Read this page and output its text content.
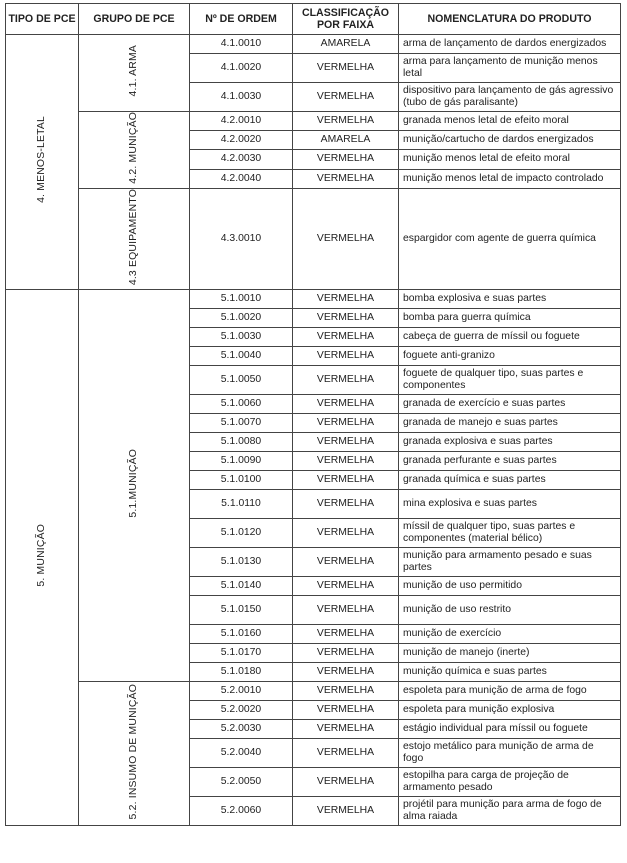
TIPO DE PCE	GRUPO DE PCE	Nº DE ORDEM	CLASSIFICAÇÃO POR FAIXA	NOMENCLATURA DO PRODUTO
4. MENOS-LETAL	4.1. ARMA	4.1.0010	AMARELA	arma de lançamento de dardos energizados

		4.1.0020	VERMELHA	arma para lançamento de munição menos letal

		4.1.0030	VERMELHA	dispositivo para lançamento de gás agressivo (tubo de gás paralisante)

	4.2. MUNIÇÃO	4.2.0010	VERMELHA	granada menos letal de efeito moral

		4.2.0020	AMARELA	munição/cartucho de dardos energizados

		4.2.0030	VERMELHA	munição menos letal de efeito moral

		4.2.0040	VERMELHA	munição menos letal de impacto controlado

	4.3 EQUIPAMENTO	4.3.0010	VERMELHA	espargidor com agente de guerra química

5. MUNIÇÃO	5.1.MUNIÇÃO	5.1.0010	VERMELHA	bomba explosiva e suas partes

		5.1.0020	VERMELHA	bomba para guerra química

		5.1.0030	VERMELHA	cabeça de guerra de míssil ou foguete

		5.1.0040	VERMELHA	foguete anti-granizo

		5.1.0050	VERMELHA	foguete de qualquer tipo, suas partes e componentes

		5.1.0060	VERMELHA	granada de exercício e suas partes

		5.1.0070	VERMELHA	granada de manejo e suas partes

		5.1.0080	VERMELHA	granada explosiva e suas partes

		5.1.0090	VERMELHA	granada perfurante e suas partes

		5.1.0100	VERMELHA	granada química e suas partes

		5.1.0110	VERMELHA	mina explosiva e suas partes

		5.1.0120	VERMELHA	míssil de qualquer tipo, suas partes e componentes (material bélico)

		5.1.0130	VERMELHA	munição para armamento pesado e suas partes

		5.1.0140	VERMELHA	munição de uso permitido

		5.1.0150	VERMELHA	munição de uso restrito

		5.1.0160	VERMELHA	munição de exercício

		5.1.0170	VERMELHA	munição de manejo (inerte)

		5.1.0180	VERMELHA	munição química e suas partes

	5.2. INSUMO DE MUNIÇÃO	5.2.0010	VERMELHA	espoleta para munição de arma de fogo

		5.2.0020	VERMELHA	espoleta para munição explosiva

		5.2.0030	VERMELHA	estágio individual para míssil ou foguete

		5.2.0040	VERMELHA	estojo metálico para munição de arma de fogo

		5.2.0050	VERMELHA	estopilha para carga de projeção de armamento pesado

		5.2.0060	VERMELHA	projétil para munição para arma de fogo de alma raiada
